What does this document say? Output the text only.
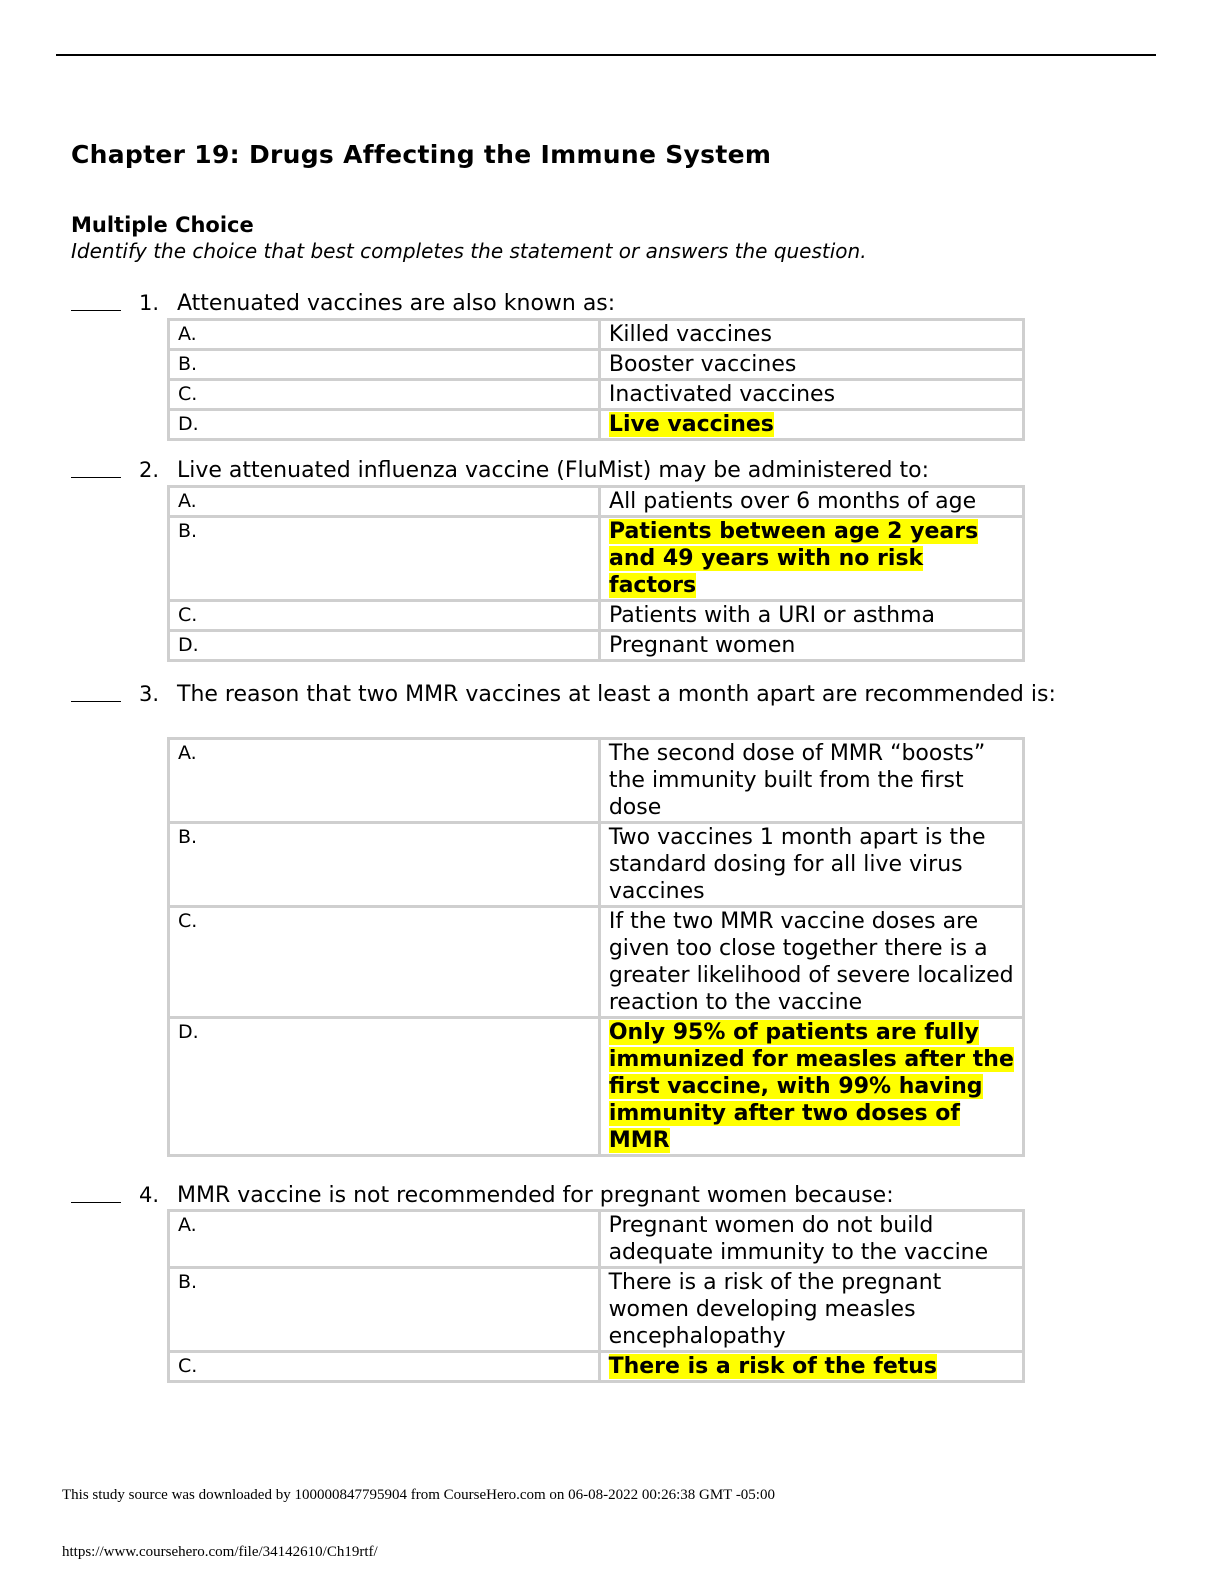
Chapter 19: Drugs Affecting the Immune System
Multiple Choice
Identify the choice that best completes the statement or answers the question.
1. Attenuated vaccines are also known as:
A.	Killed vaccines
B.	Booster vaccines
C.	Inactivated vaccines
D.	Live vaccines
2. Live attenuated influenza vaccine (FluMist) may be administered to:
A.	All patients over 6 months of age
B.	Patients between age 2 years and 49 years with no risk factors
C.	Patients with a URI or asthma
D.	Pregnant women
3. The reason that two MMR vaccines at least a month apart are recommended is:
A.	The second dose of MMR “boosts” the immunity built from the first dose
B.	Two vaccines 1 month apart is the standard dosing for all live virus vaccines
C.	If the two MMR vaccine doses are given too close together there is a greater likelihood of severe localized reaction to the vaccine
D.	Only 95% of patients are fully immunized for measles after the first vaccine, with 99% having immunity after two doses of MMR
4. MMR vaccine is not recommended for pregnant women because:
A.	Pregnant women do not build adequate immunity to the vaccine
B.	There is a risk of the pregnant women developing measles encephalopathy
C.	There is a risk of the fetus
This study source was downloaded by 100000847795904 from CourseHero.com on 06-08-2022 00:26:38 GMT -05:00
https://www.coursehero.com/file/34142610/Ch19rtf/
